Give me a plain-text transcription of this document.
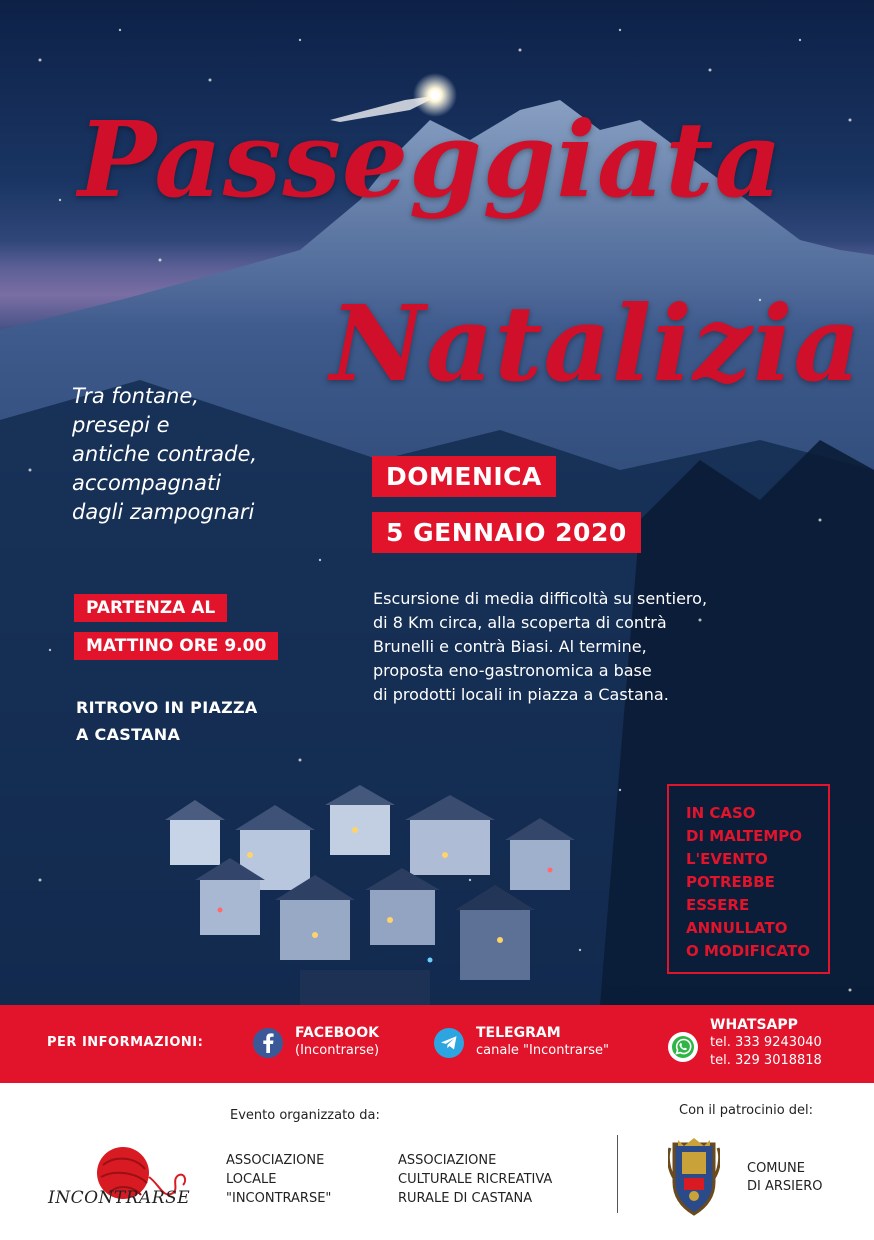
Passeggiata
Natalizia
Tra fontane,
presepi e
antiche contrade,
accompagnati
dagli zampognari
DOMENICA
5 GENNAIO 2020
PARTENZA AL
MATTINO ORE 9.00
RITROVO IN PIAZZA
A CASTANA
Escursione di media difficoltà su sentiero,
di 8 Km circa, alla scoperta di contrà
Brunelli e contrà Biasi. Al termine,
proposta eno-gastronomica a base
di prodotti locali in piazza a Castana.
IN CASO
DI MALTEMPO
L'EVENTO
POTREBBE
ESSERE
ANNULLATO
O MODIFICATO
PER INFORMAZIONI:
FACEBOOK
(Incontrarse)
TELEGRAM
canale "Incontrarse"
WHATSAPP
tel. 333 9243040
tel. 329 3018818
Evento organizzato da:	Con il patrocinio del:
INCONTRARSE
ASSOCIAZIONE
LOCALE
"INCONTRARSE"
ASSOCIAZIONE
CULTURALE RICREATIVA
RURALE DI CASTANA
COMUNE
DI ARSIERO
